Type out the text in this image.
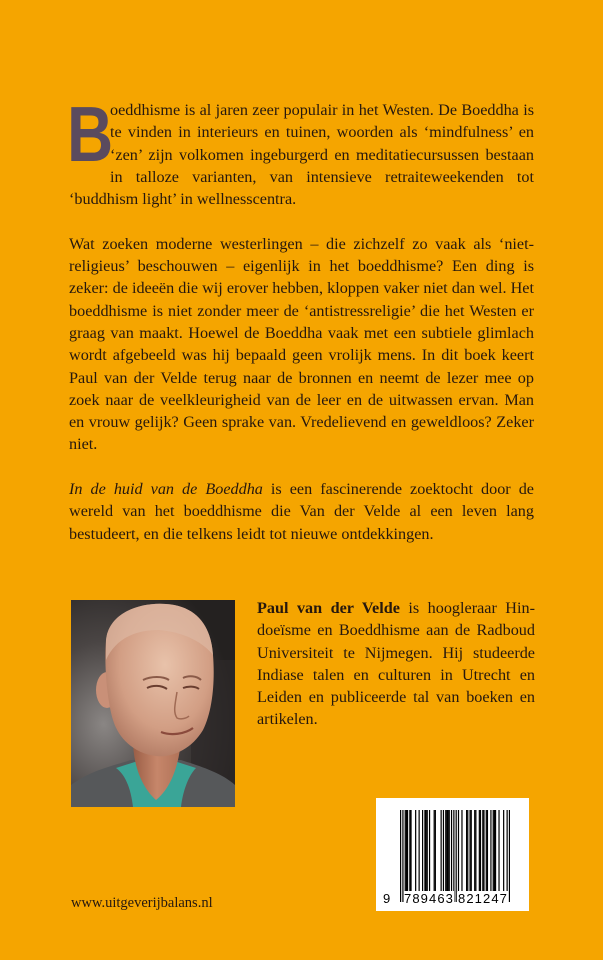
B
oeddhisme is al jaren zeer populair in het Westen. De Boeddha is te vinden in interieurs en tuinen, woorden als ‘mindfulness’ en ‘zen’ zijn volkomen ingeburgerd en meditatiecursussen bestaan in talloze varianten, van intensieve retraiteweekenden tot ‘buddhism light’ in wellnesscentra.

Wat zoeken moderne westerlingen – die zichzelf zo vaak als ‘niet-religieus’ beschouwen – eigenlijk in het boeddhisme? Een ding is zeker: de ideeën die wij erover hebben, kloppen vaker niet dan wel. Het boeddhisme is niet zonder meer de ‘antistressreligie’ die het Westen er graag van maakt. Hoewel de Boeddha vaak met een subtiele glimlach wordt afgebeeld was hij bepaald geen vrolijk mens. In dit boek keert Paul van der Velde terug naar de bronnen en neemt de lezer mee op zoek naar de veelkleurigheid van de leer en de uitwassen ervan. Man en vrouw gelijk? Geen sprake van. Vredelievend en geweldloos? Zeker niet.

In de huid van de Boeddha is een fascinerende zoektocht door de wereld van het boeddhisme die Van der Velde al een leven lang bestudeert, en die telkens leidt tot nieuwe ontdekkingen.

Paul van der Velde is hoogleraar Hindoeïsme en Boeddhisme aan de Radboud Universiteit te Nijmegen. Hij studeerde Indiase talen en culturen in Utrecht en Leiden en publiceerde tal van boeken en artikelen.
9 789463 821247
www.uitgeverijbalans.nl
